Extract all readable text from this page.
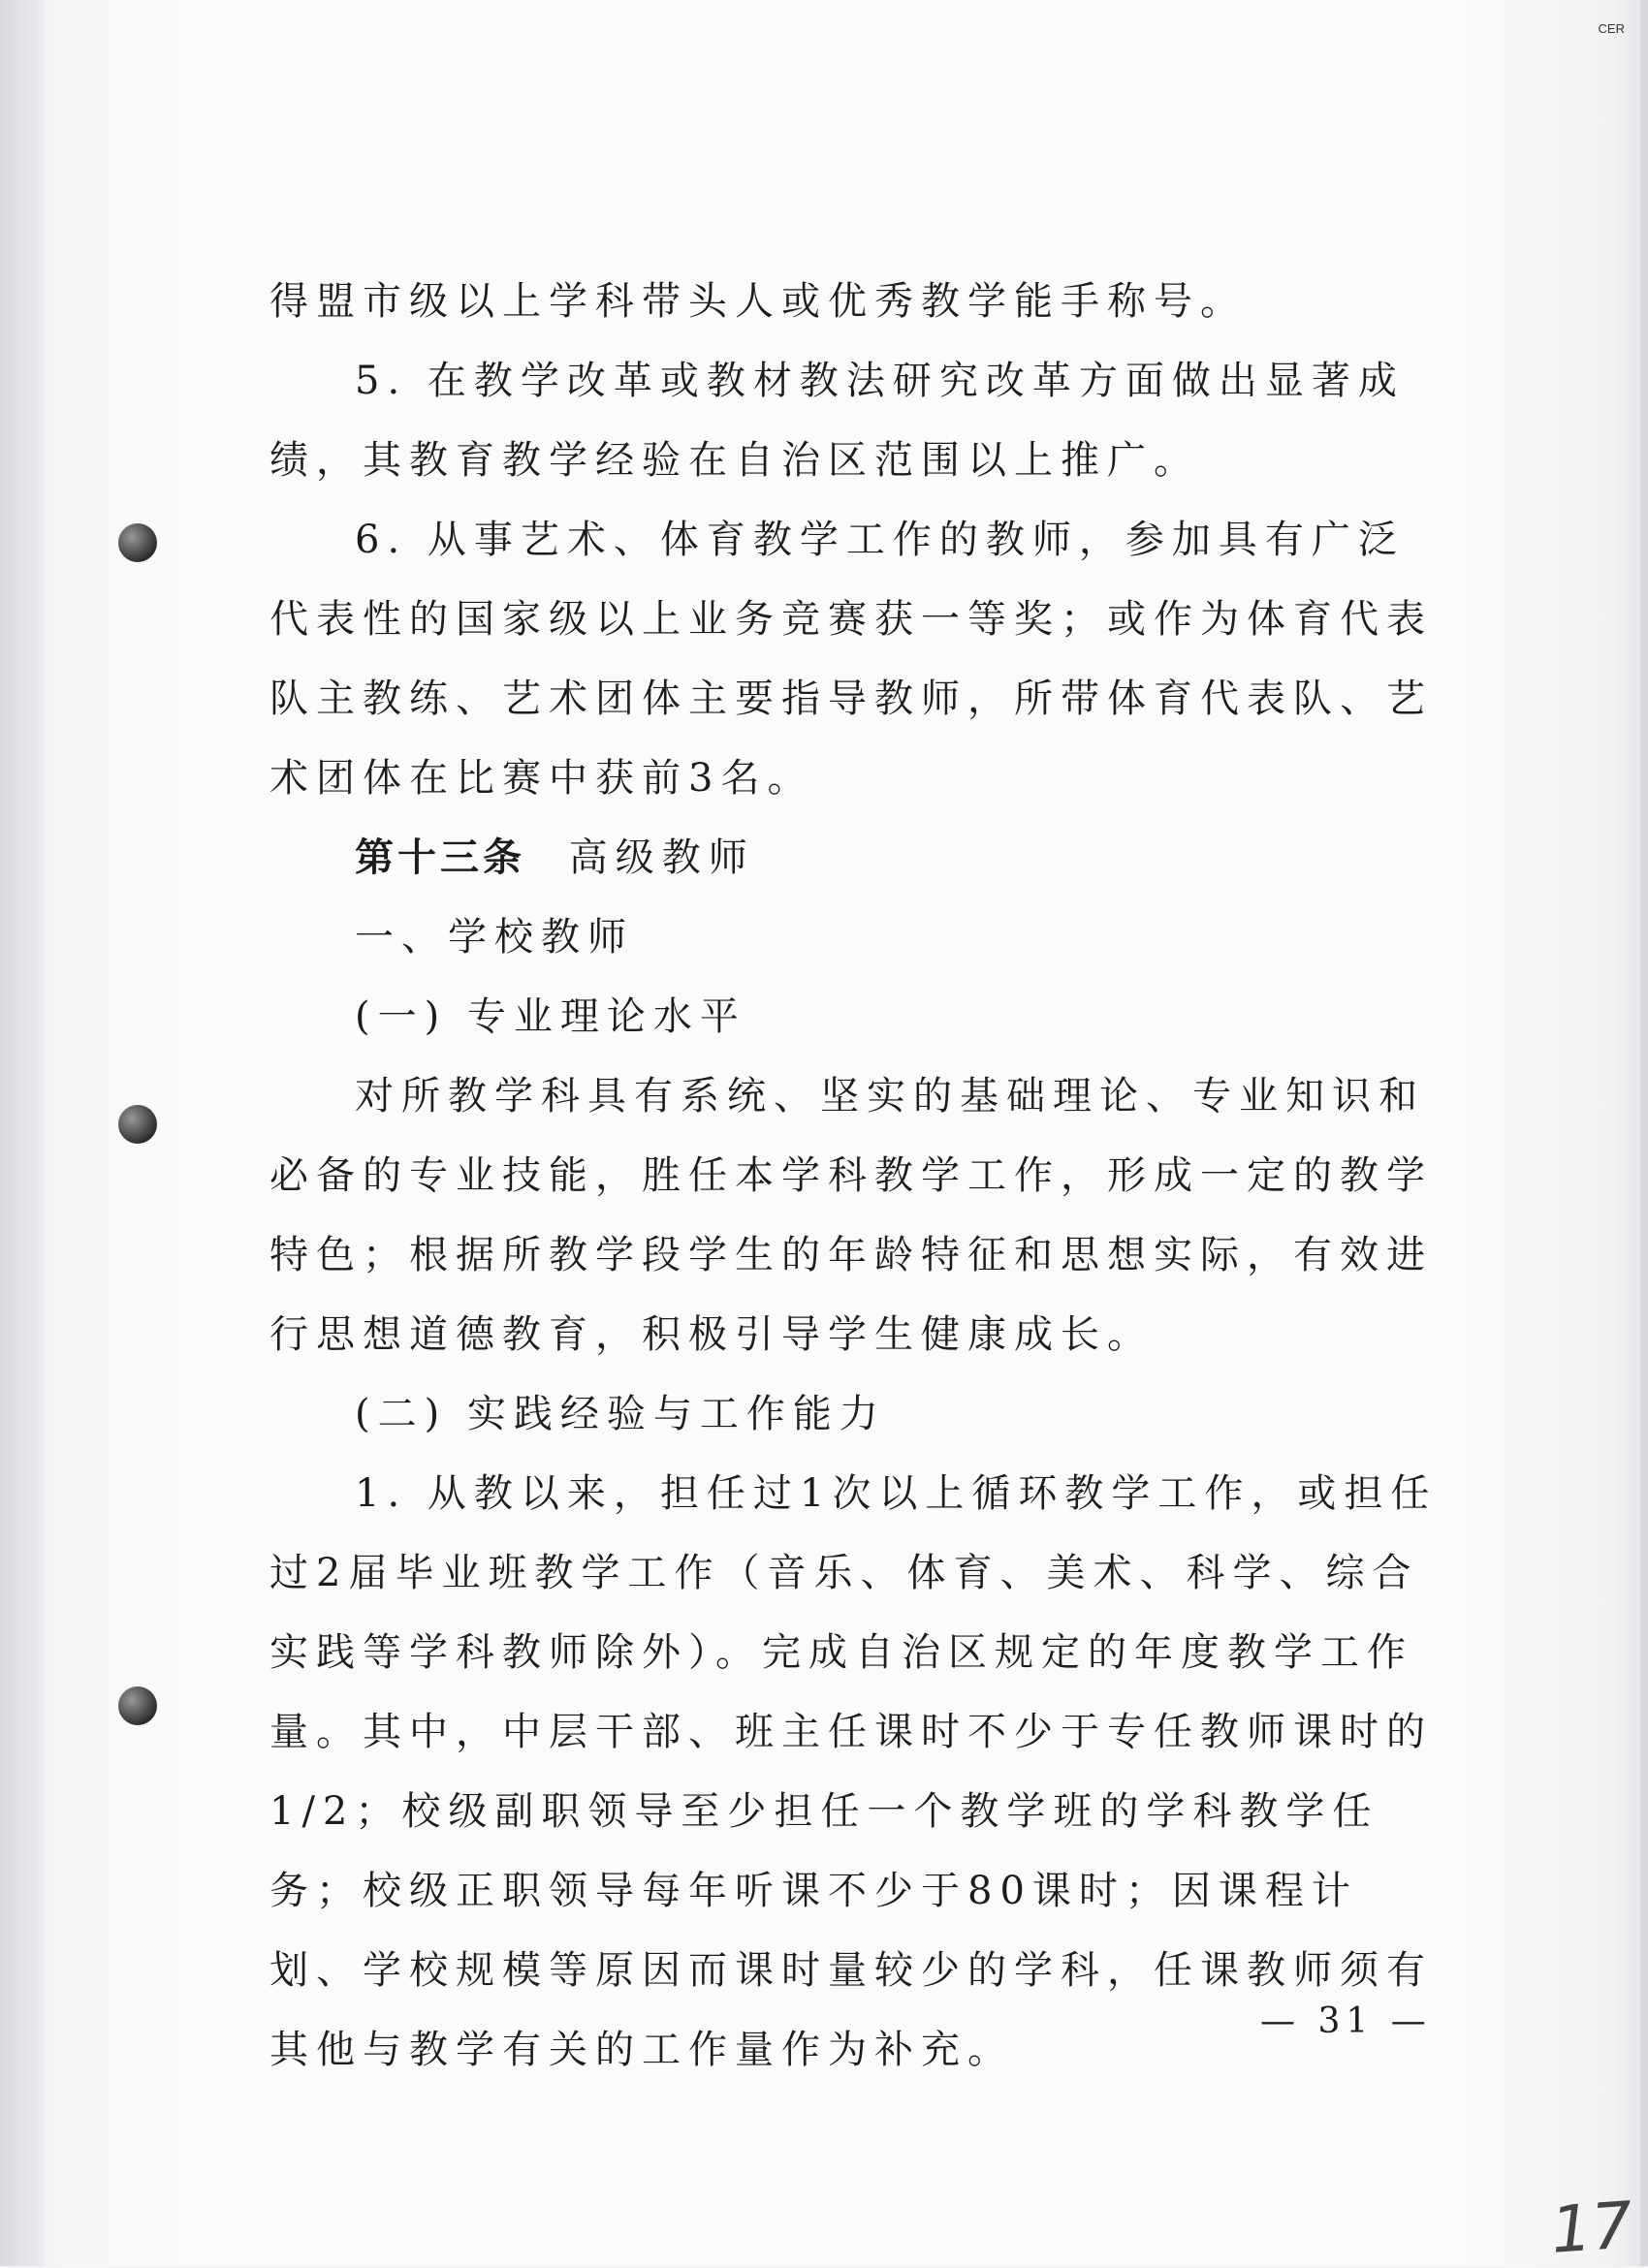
CER

得盟市级以上学科带头人或优秀教学能手称号。

5. 在教学改革或教材教法研究改革方面做出显著成绩，其教育教学经验在自治区范围以上推广。

6. 从事艺术、体育教学工作的教师，参加具有广泛代表性的国家级以上业务竞赛获一等奖；或作为体育代表队主教练、艺术团体主要指导教师，所带体育代表队、艺术团体在比赛中获前3名。

第十三条 高级教师

一、学校教师

(一) 专业理论水平

对所教学科具有系统、坚实的基础理论、专业知识和必备的专业技能，胜任本学科教学工作，形成一定的教学特色；根据所教学段学生的年龄特征和思想实际，有效进行思想道德教育，积极引导学生健康成长。

(二) 实践经验与工作能力

1. 从教以来，担任过1次以上循环教学工作，或担任过2届毕业班教学工作（音乐、体育、美术、科学、综合实践等学科教师除外）。完成自治区规定的年度教学工作量。其中，中层干部、班主任课时不少于专任教师课时的1/2；校级副职领导至少担任一个教学班的学科教学任务；校级正职领导每年听课不少于80课时；因课程计划、学校规模等原因而课时量较少的学科，任课教师须有其他与教学有关的工作量作为补充。

— 31 —
17
